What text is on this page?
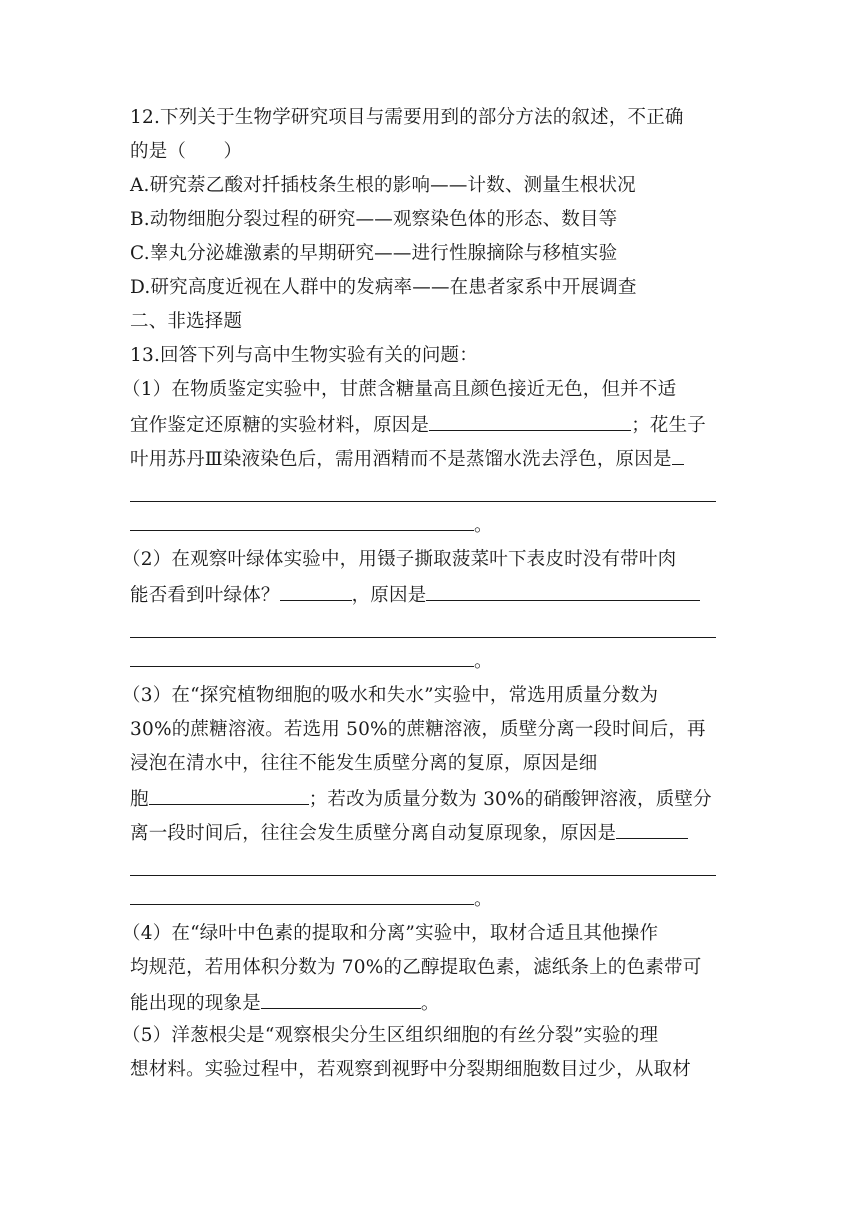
12.下列关于生物学研究项目与需要用到的部分方法的叙述，不正确
的是（　　）
A.研究萘乙酸对扦插枝条生根的影响——计数、测量生根状况
B.动物细胞分裂过程的研究——观察染色体的形态、数目等
C.睾丸分泌雄激素的早期研究——进行性腺摘除与移植实验
D.研究高度近视在人群中的发病率——在患者家系中开展调查
二、非选择题
13.回答下列与高中生物实验有关的问题：
（1）在物质鉴定实验中，甘蔗含糖量高且颜色接近无色，但并不适
宜作鉴定还原糖的实验材料，原因是	；花生子
叶用苏丹Ⅲ染液染色后，需用酒精而不是蒸馏水洗去浮色，原因是
。
（2）在观察叶绿体实验中，用镊子撕取菠菜叶下表皮时没有带叶肉
能否看到叶绿体？	，原因是
。
（3）在“探究植物细胞的吸水和失水”实验中，常选用质量分数为
30%的蔗糖溶液。若选用 50%的蔗糖溶液，质壁分离一段时间后，再
浸泡在清水中，往往不能发生质壁分离的复原，原因是细
胞	；若改为质量分数为 30%的硝酸钾溶液，质壁分
离一段时间后，往往会发生质壁分离自动复原现象，原因是
。
（4）在“绿叶中色素的提取和分离”实验中，取材合适且其他操作
均规范，若用体积分数为 70%的乙醇提取色素，滤纸条上的色素带可
能出现的现象是	。
（5）洋葱根尖是“观察根尖分生区组织细胞的有丝分裂”实验的理
想材料。实验过程中，若观察到视野中分裂期细胞数目过少，从取材
